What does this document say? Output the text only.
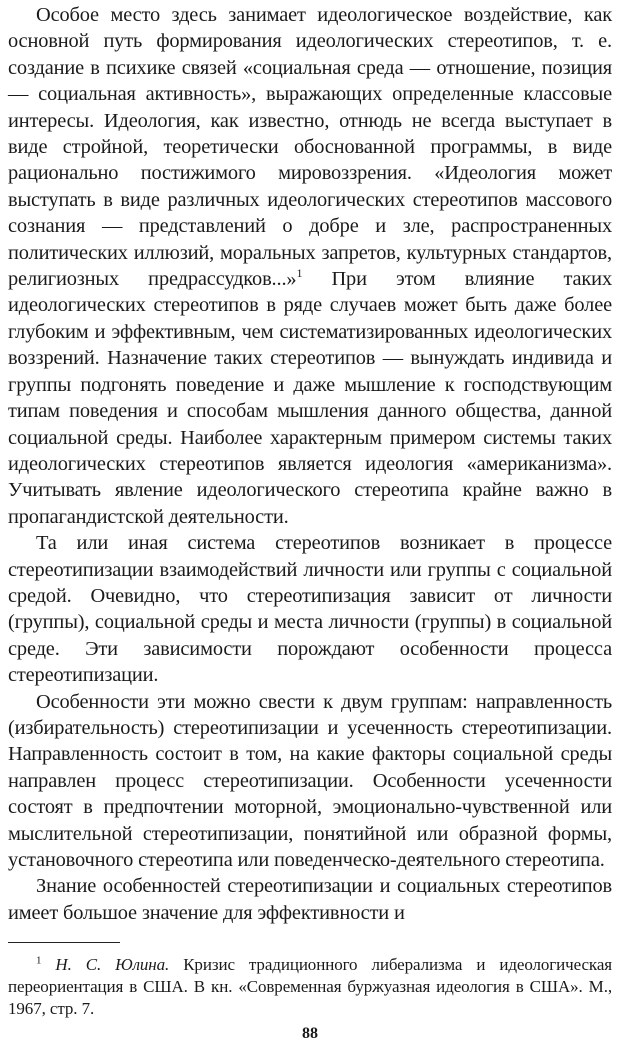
Особое место здесь занимает идеологическое воздействие, как основной путь формирования идеологических стереотипов, т. е. создание в психике связей «социальная среда — отношение, позиция — социальная активность», выражающих определенные классовые интересы. Идеология, как известно, отнюдь не всегда выступает в виде стройной, теоретически обоснованной программы, в виде рационально постижимого мировоззрения. «Идеология может выступать в виде различных идеологических стереотипов массового сознания — представлений о добре и зле, распространенных политических иллюзий, моральных запретов, культурных стандартов, религиозных предрассудков...»$^1$ При этом влияние таких идеологических стереотипов в ряде случаев может быть даже более глубоким и эффективным, чем систематизированных идеологических воззрений. Назначение таких стереотипов — вынуждать индивида и группы подгонять поведение и даже мышление к господствующим типам поведения и способам мышления данного общества, данной социальной среды. Наиболее характерным примером системы таких идеологических стереотипов является идеология «американизма». Учитывать явление идеологического стереотипа крайне важно в пропагандистской деятельности.

Та или иная система стереотипов возникает в процессе стереотипизации взаимодействий личности или группы с социальной средой. Очевидно, что стереотипизация зависит от личности (группы), социальной среды и места личности (группы) в социальной среде. Эти зависимости порождают особенности процесса стереотипизации.

Особенности эти можно свести к двум группам: направленность (избирательность) стереотипизации и усеченность стереотипизации. Направленность состоит в том, на какие факторы социальной среды направлен процесс стереотипизации. Особенности усеченности состоят в предпочтении моторной, эмоционально-чувственной или мыслительной стереотипизации, понятийной или образной формы, установочного стереотипа или поведенческо-деятельного стереотипа.

Знание особенностей стереотипизации и социальных стереотипов имеет большое значение для эффективности и

$^1$ Н. С. Юлина. Кризис традиционного либерализма и идеологическая переориентация в США. В кн. «Современная буржуазная идеология в США». М., 1967, стр. 7.

88
